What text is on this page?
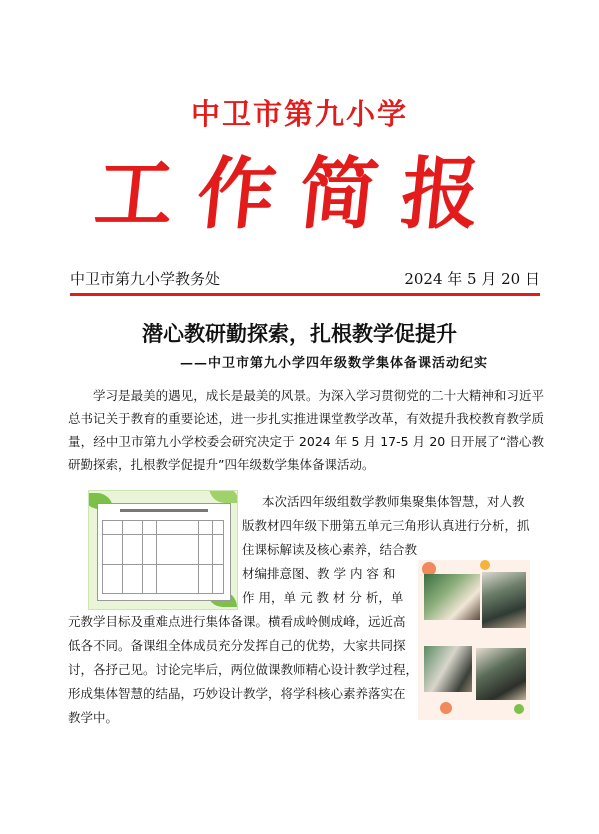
中卫市第九小学
工作简报
中卫市第九小学教务处	2024 年 5 月 20 日
潜心教研勤探索，扎根教学促提升
——中卫市第九小学四年级数学集体备课活动纪实

学习是最美的遇见，成长是最美的风景。为深入学习贯彻党的二十大精神和习近平总书记关于教育的重要论述，进一步扎实推进课堂教学改革，有效提升我校教育教学质量，经中卫市第九小学校委会研究决定于 2024 年 5 月 17-5 月 20 日开展了“潜心教研勤探索，扎根教学促提升”四年级数学集体备课活动。

本次活四年级组数学教师集聚集体智慧，对人教
版教材四年级下册第五单元三角形认真进行分析，抓
住课标解读及核心素养，结合教
材编排意图、教 学 内 容 和
作 用，单 元 教 材 分 析，单
元教学目标及重难点进行集体备课。横看成岭侧成峰，远近高
低各不同。备课组全体成员充分发挥自己的优势，大家共同探
讨，各抒己见。讨论完毕后，两位做课教师精心设计教学过程，
形成集体智慧的结晶，巧妙设计教学，将学科核心素养落实在
教学中。
